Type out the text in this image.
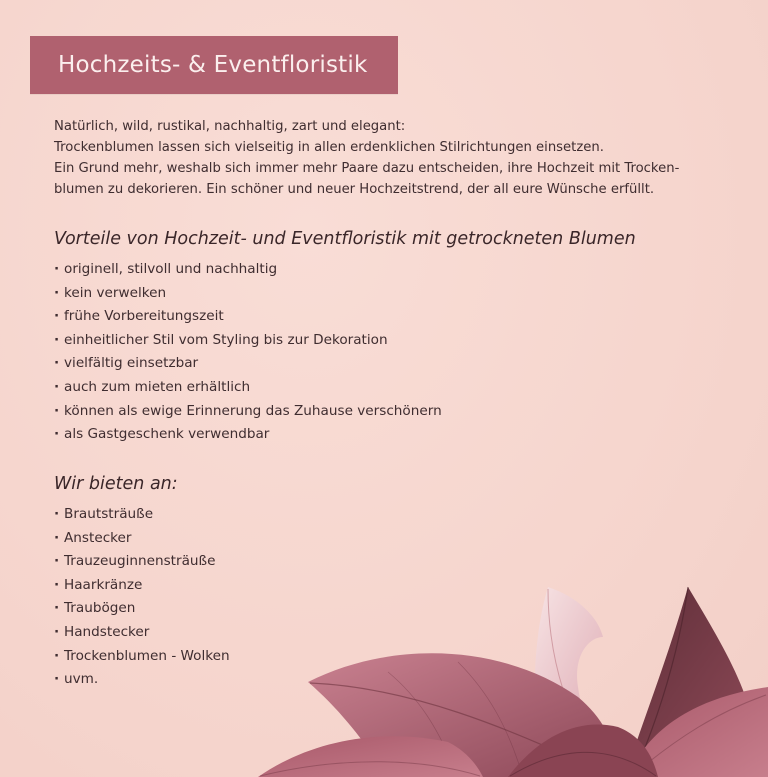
Hochzeits- & Eventfloristik

Natürlich, wild, rustikal, nachhaltig, zart und elegant:

Trockenblumen lassen sich vielseitig in allen erdenklichen Stilrichtungen einsetzen.

Ein Grund mehr, weshalb sich immer mehr Paare dazu entscheiden, ihre Hochzeit mit Trocken-

blumen zu dekorieren. Ein schöner und neuer Hochzeitstrend, der all eure Wünsche erfüllt.

Vorteile von Hochzeit- und Eventfloristik mit getrockneten Blumen
· originell, stilvoll und nachhaltig
· kein verwelken
· frühe Vorbereitungszeit
· einheitlicher Stil vom Styling bis zur Dekoration
· vielfältig einsetzbar
· auch zum mieten erhältlich
· können als ewige Erinnerung das Zuhause verschönern
· als Gastgeschenk verwendbar
Wir bieten an:
· Brautsträuße
· Anstecker
· Trauzeuginnensträuße
· Haarkränze
· Traubögen
· Handstecker
· Trockenblumen - Wolken
· uvm.
